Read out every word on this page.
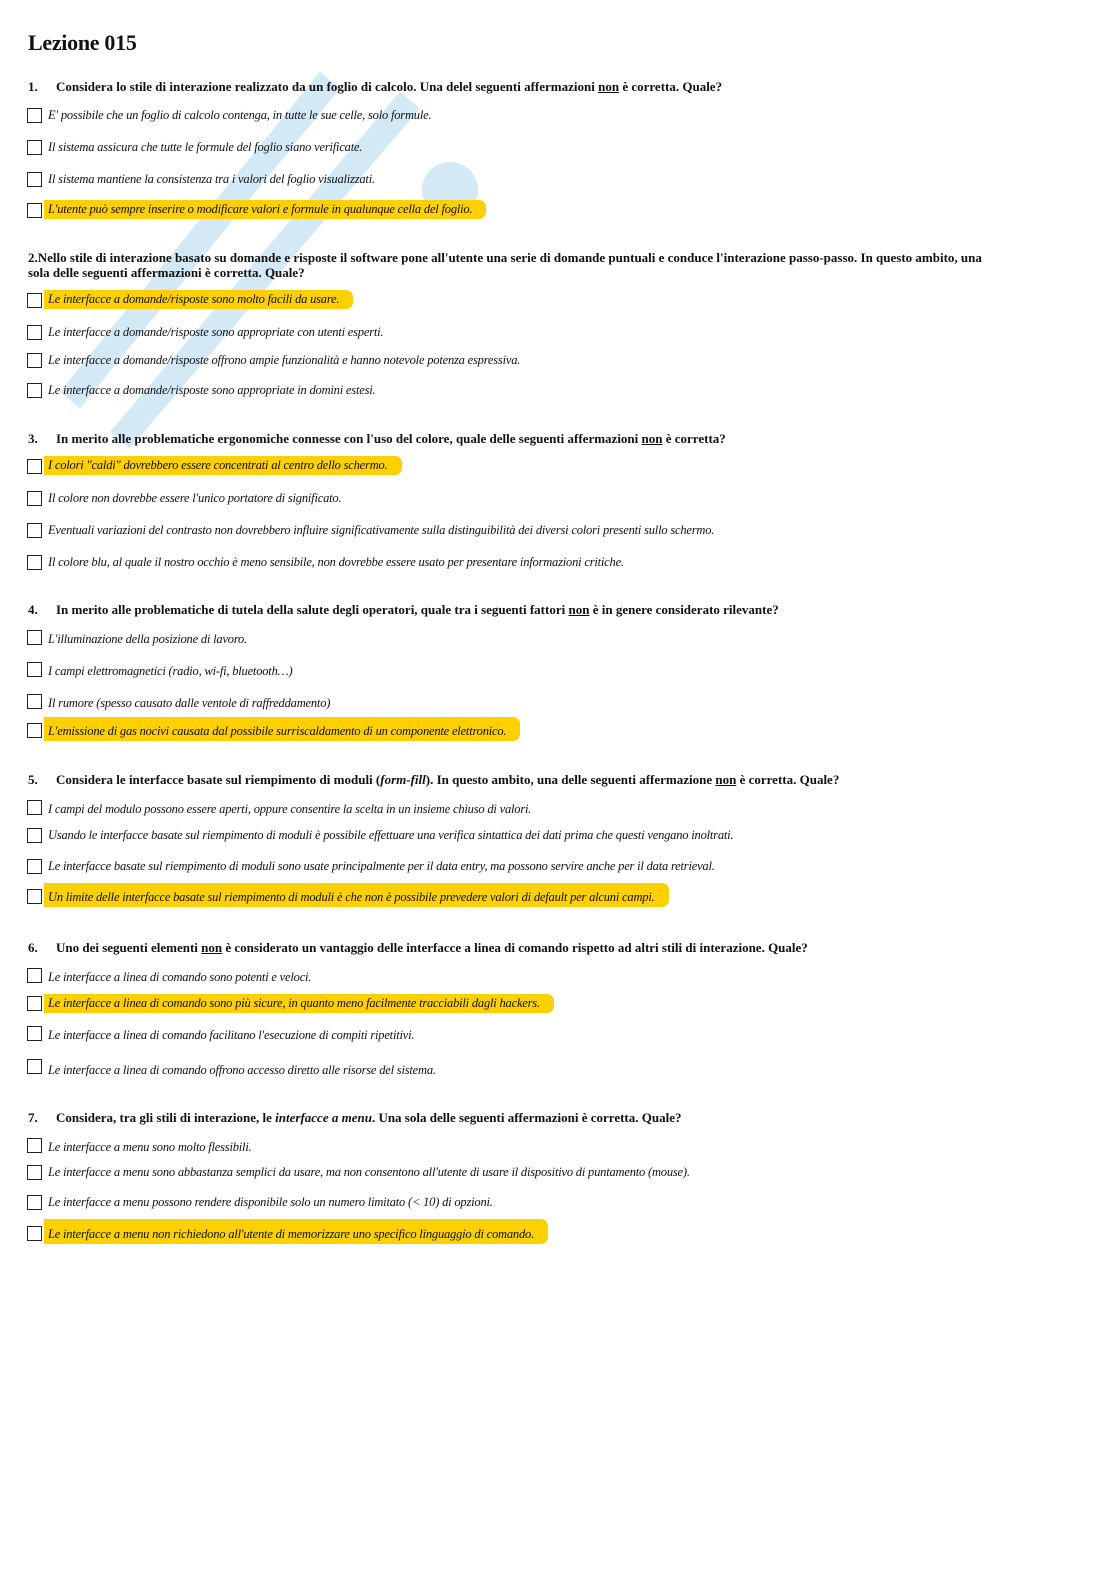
Lezione 015
1. Considera lo stile di interazione realizzato da un foglio di calcolo. Una delel seguenti affermazioni non è corretta. Quale?
E' possibile che un foglio di calcolo contenga, in tutte le sue celle, solo formule.
Il sistema assicura che tutte le formule del foglio siano verificate.
Il sistema mantiene la consistenza tra i valori del foglio visualizzati.
L'utente può sempre inserire o modificare valori e formule in qualunque cella del foglio.
2.Nello stile di interazione basato su domande e risposte il software pone all'utente una serie di domande puntuali e conduce l'interazione passo-passo. In questo ambito, una sola delle seguenti affermazioni è corretta. Quale?
Le interfacce a domande/risposte sono molto facili da usare.
Le interfacce a domande/risposte sono appropriate con utenti esperti.
Le interfacce a domande/risposte offrono ampie funzionalità e hanno notevole potenza espressiva.
Le interfacce a domande/risposte sono appropriate in domini estesi.
3. In merito alle problematiche ergonomiche connesse con l'uso del colore, quale delle seguenti affermazioni non è corretta?
I colori "caldi" dovrebbero essere concentrati al centro dello schermo.
Il colore non dovrebbe essere l'unico portatore di significato.
Eventuali variazioni del contrasto non dovrebbero influire significativamente sulla distinguibilità dei diversi colori presenti sullo schermo.
Il colore blu, al quale il nostro occhio è meno sensibile, non dovrebbe essere usato per presentare informazioni critiche.
4. In merito alle problematiche di tutela della salute degli operatori, quale tra i seguenti fattori non è in genere considerato rilevante?
L'illuminazione della posizione di lavoro.
I campi elettromagnetici (radio, wi-fi, bluetooth…)
Il rumore (spesso causato dalle ventole di raffreddamento)
L'emissione di gas nocivi causata dal possibile surriscaldamento di un componente elettronico.
5. Considera le interfacce basate sul riempimento di moduli (form-fill). In questo ambito, una delle seguenti affermazione non è corretta. Quale?
I campi del modulo possono essere aperti, oppure consentire la scelta in un insieme chiuso di valori.
Usando le interfacce basate sul riempimento di moduli è possibile effettuare una verifica sintattica dei dati prima che questi vengano inoltrati.
Le interfacce basate sul riempimento di moduli sono usate principalmente per il data entry, ma possono servire anche per il data retrieval.
Un limite delle interfacce basate sul riempimento di moduli è che non è possibile prevedere valori di default per alcuni campi.
6. Uno dei seguenti elementi non è considerato un vantaggio delle interfacce a linea di comando rispetto ad altri stili di interazione. Quale?
Le interfacce a linea di comando sono potenti e veloci.
Le interfacce a linea di comando sono più sicure, in quanto meno facilmente tracciabili dagli hackers.
Le interfacce a linea di comando facilitano l'esecuzione di compiti ripetitivi.
Le interfacce a linea di comando offrono accesso diretto alle risorse del sistema.
7. Considera, tra gli stili di interazione, le interfacce a menu. Una sola delle seguenti affermazioni è corretta. Quale?
Le interfacce a menu sono molto flessibili.
Le interfacce a menu sono abbastanza semplici da usare, ma non consentono all'utente di usare il dispositivo di puntamento (mouse).
Le interfacce a menu possono rendere disponibile solo un numero limitato (< 10) di opzioni.
Le interfacce a menu non richiedono all'utente di memorizzare uno specifico linguaggio di comando.
